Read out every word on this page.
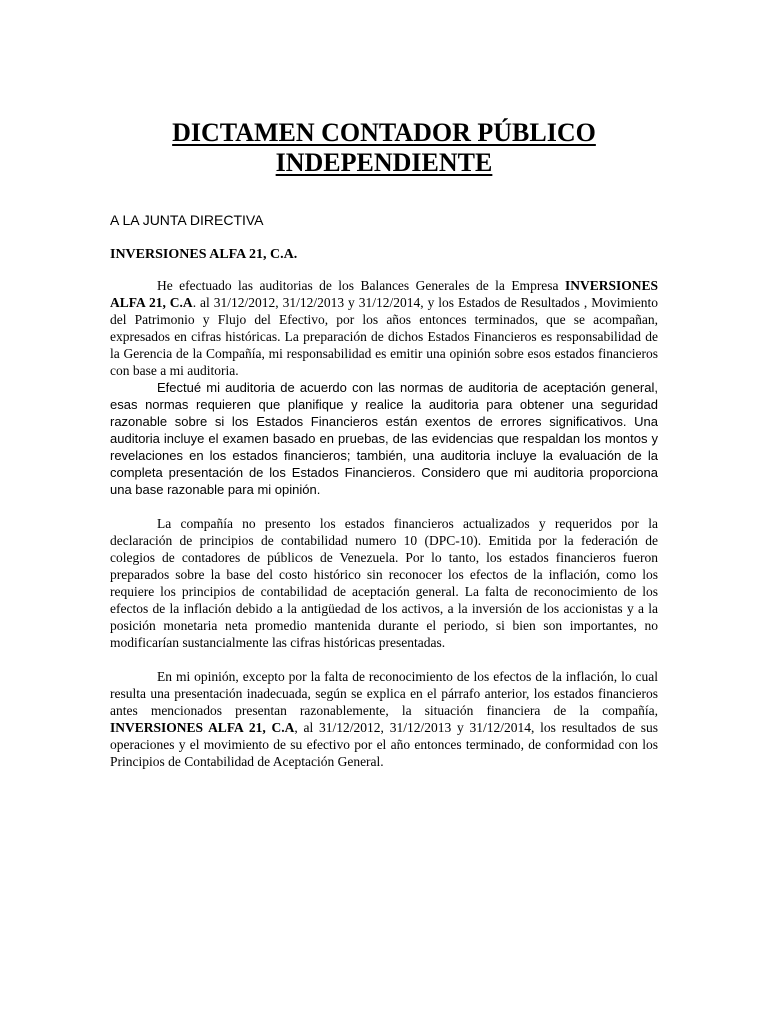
DICTAMEN CONTADOR PÚBLICO
INDEPENDIENTE
A LA JUNTA DIRECTIVA
INVERSIONES ALFA 21, C.A.

He efectuado las auditorias de los Balances Generales de la Empresa INVERSIONES ALFA 21, C.A. al 31/12/2012, 31/12/2013 y 31/12/2014, y los Estados de Resultados , Movimiento del Patrimonio y Flujo del Efectivo, por los años entonces terminados, que se acompañan, expresados en cifras históricas. La preparación de dichos Estados Financieros es responsabilidad de la Gerencia de la Compañía, mi responsabilidad es emitir una opinión sobre esos estados financieros con base a mi auditoria.

Efectué mi auditoria de acuerdo con las normas de auditoria de aceptación general, esas normas requieren que planifique y realice la auditoria para obtener una seguridad razonable sobre si los Estados Financieros están exentos de errores significativos. Una auditoria incluye el examen basado en pruebas, de las evidencias que respaldan los montos y revelaciones en los estados financieros; también, una auditoria incluye la evaluación de la completa presentación de los Estados Financieros. Considero que mi auditoria proporciona una base razonable para mi opinión.

La compañía no presento los estados financieros actualizados y requeridos por la declaración de principios de contabilidad numero 10 (DPC-10). Emitida por la federación de colegios de contadores de públicos de Venezuela. Por lo tanto, los estados financieros fueron preparados sobre la base del costo histórico sin reconocer los efectos de la inflación, como los requiere los principios de contabilidad de aceptación general. La falta de reconocimiento de los efectos de la inflación debido a la antigüedad de los activos, a la inversión de los accionistas y a la posición monetaria neta promedio mantenida durante el periodo, si bien son importantes, no modificarían sustancialmente las cifras históricas presentadas.

En mi opinión, excepto por la falta de reconocimiento de los efectos de la inflación, lo cual resulta una presentación inadecuada, según se explica en el párrafo anterior, los estados financieros antes mencionados presentan razonablemente, la situación financiera de la compañía, INVERSIONES ALFA 21, C.A, al 31/12/2012, 31/12/2013 y 31/12/2014, los resultados de sus operaciones y el movimiento de su efectivo por el año entonces terminado, de conformidad con los Principios de Contabilidad de Aceptación General.
